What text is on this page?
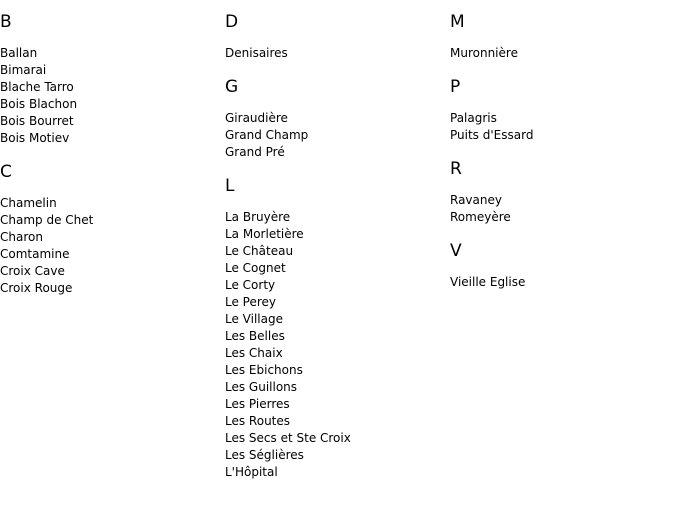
B
Ballan
Bimarai
Blache Tarro
Bois Blachon
Bois Bourret
Bois Motiev
C
Chamelin
Champ de Chet
Charon
Comtamine
Croix Cave
Croix Rouge
D
Denisaires
G
Giraudière
Grand Champ
Grand Pré
L
La Bruyère
La Morletière
Le Château
Le Cognet
Le Corty
Le Perey
Le Village
Les Belles
Les Chaix
Les Ebichons
Les Guillons
Les Pierres
Les Routes
Les Secs et Ste Croix
Les Séglières
L'Hôpital
M
Muronnière
P
Palagris
Puits d'Essard
R
Ravaney
Romeyère
V
Vieille Eglise
